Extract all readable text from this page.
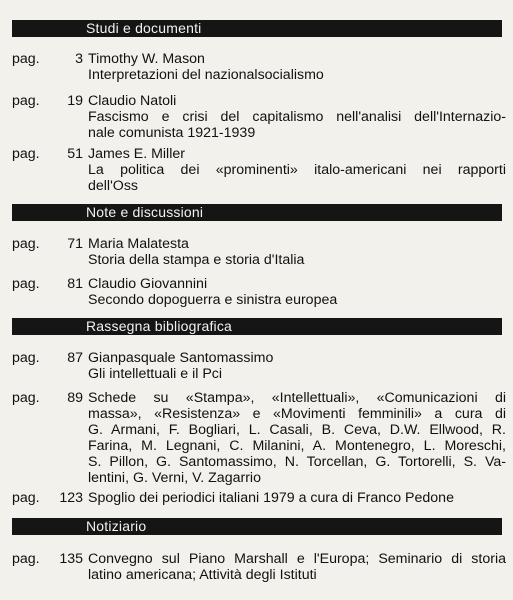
Studi e documenti
pag.	3 Timothy W. Mason
Interpretazioni del nazionalsocialismo
pag.	19 Claudio Natoli
Fascismo e crisi del capitalismo nell'analisi dell'Internazio-
nale comunista 1921-1939
pag.	51 James E. Miller
La politica dei «prominenti» italo-americani nei rapporti
dell'Oss
Note e discussioni
pag.	71 Maria Malatesta
Storia della stampa e storia d'Italia
pag.	81 Claudio Giovannini
Secondo dopoguerra e sinistra europea
Rassegna bibliografica
pag.	87 Gianpasquale Santomassimo
Gli intellettuali e il Pci
pag.	89 Schede su «Stampa», «Intellettuali», «Comunicazioni di
massa», «Resistenza» e «Movimenti femminili» a cura di
G. Armani, F. Bogliari, L. Casali, B. Ceva, D.W. Ellwood, R.
Farina, M. Legnani, C. Milanini, A. Montenegro, L. Moreschi,
S. Pillon, G. Santomassimo, N. Torcellan, G. Tortorelli, S. Va-
lentini, G. Verni, V. Zagarrio
pag.	123 Spoglio dei periodici italiani 1979 a cura di Franco Pedone
Notiziario
pag.	135 Convegno sul Piano Marshall e l'Europa; Seminario di storia
latino americana; Attività degli Istituti
